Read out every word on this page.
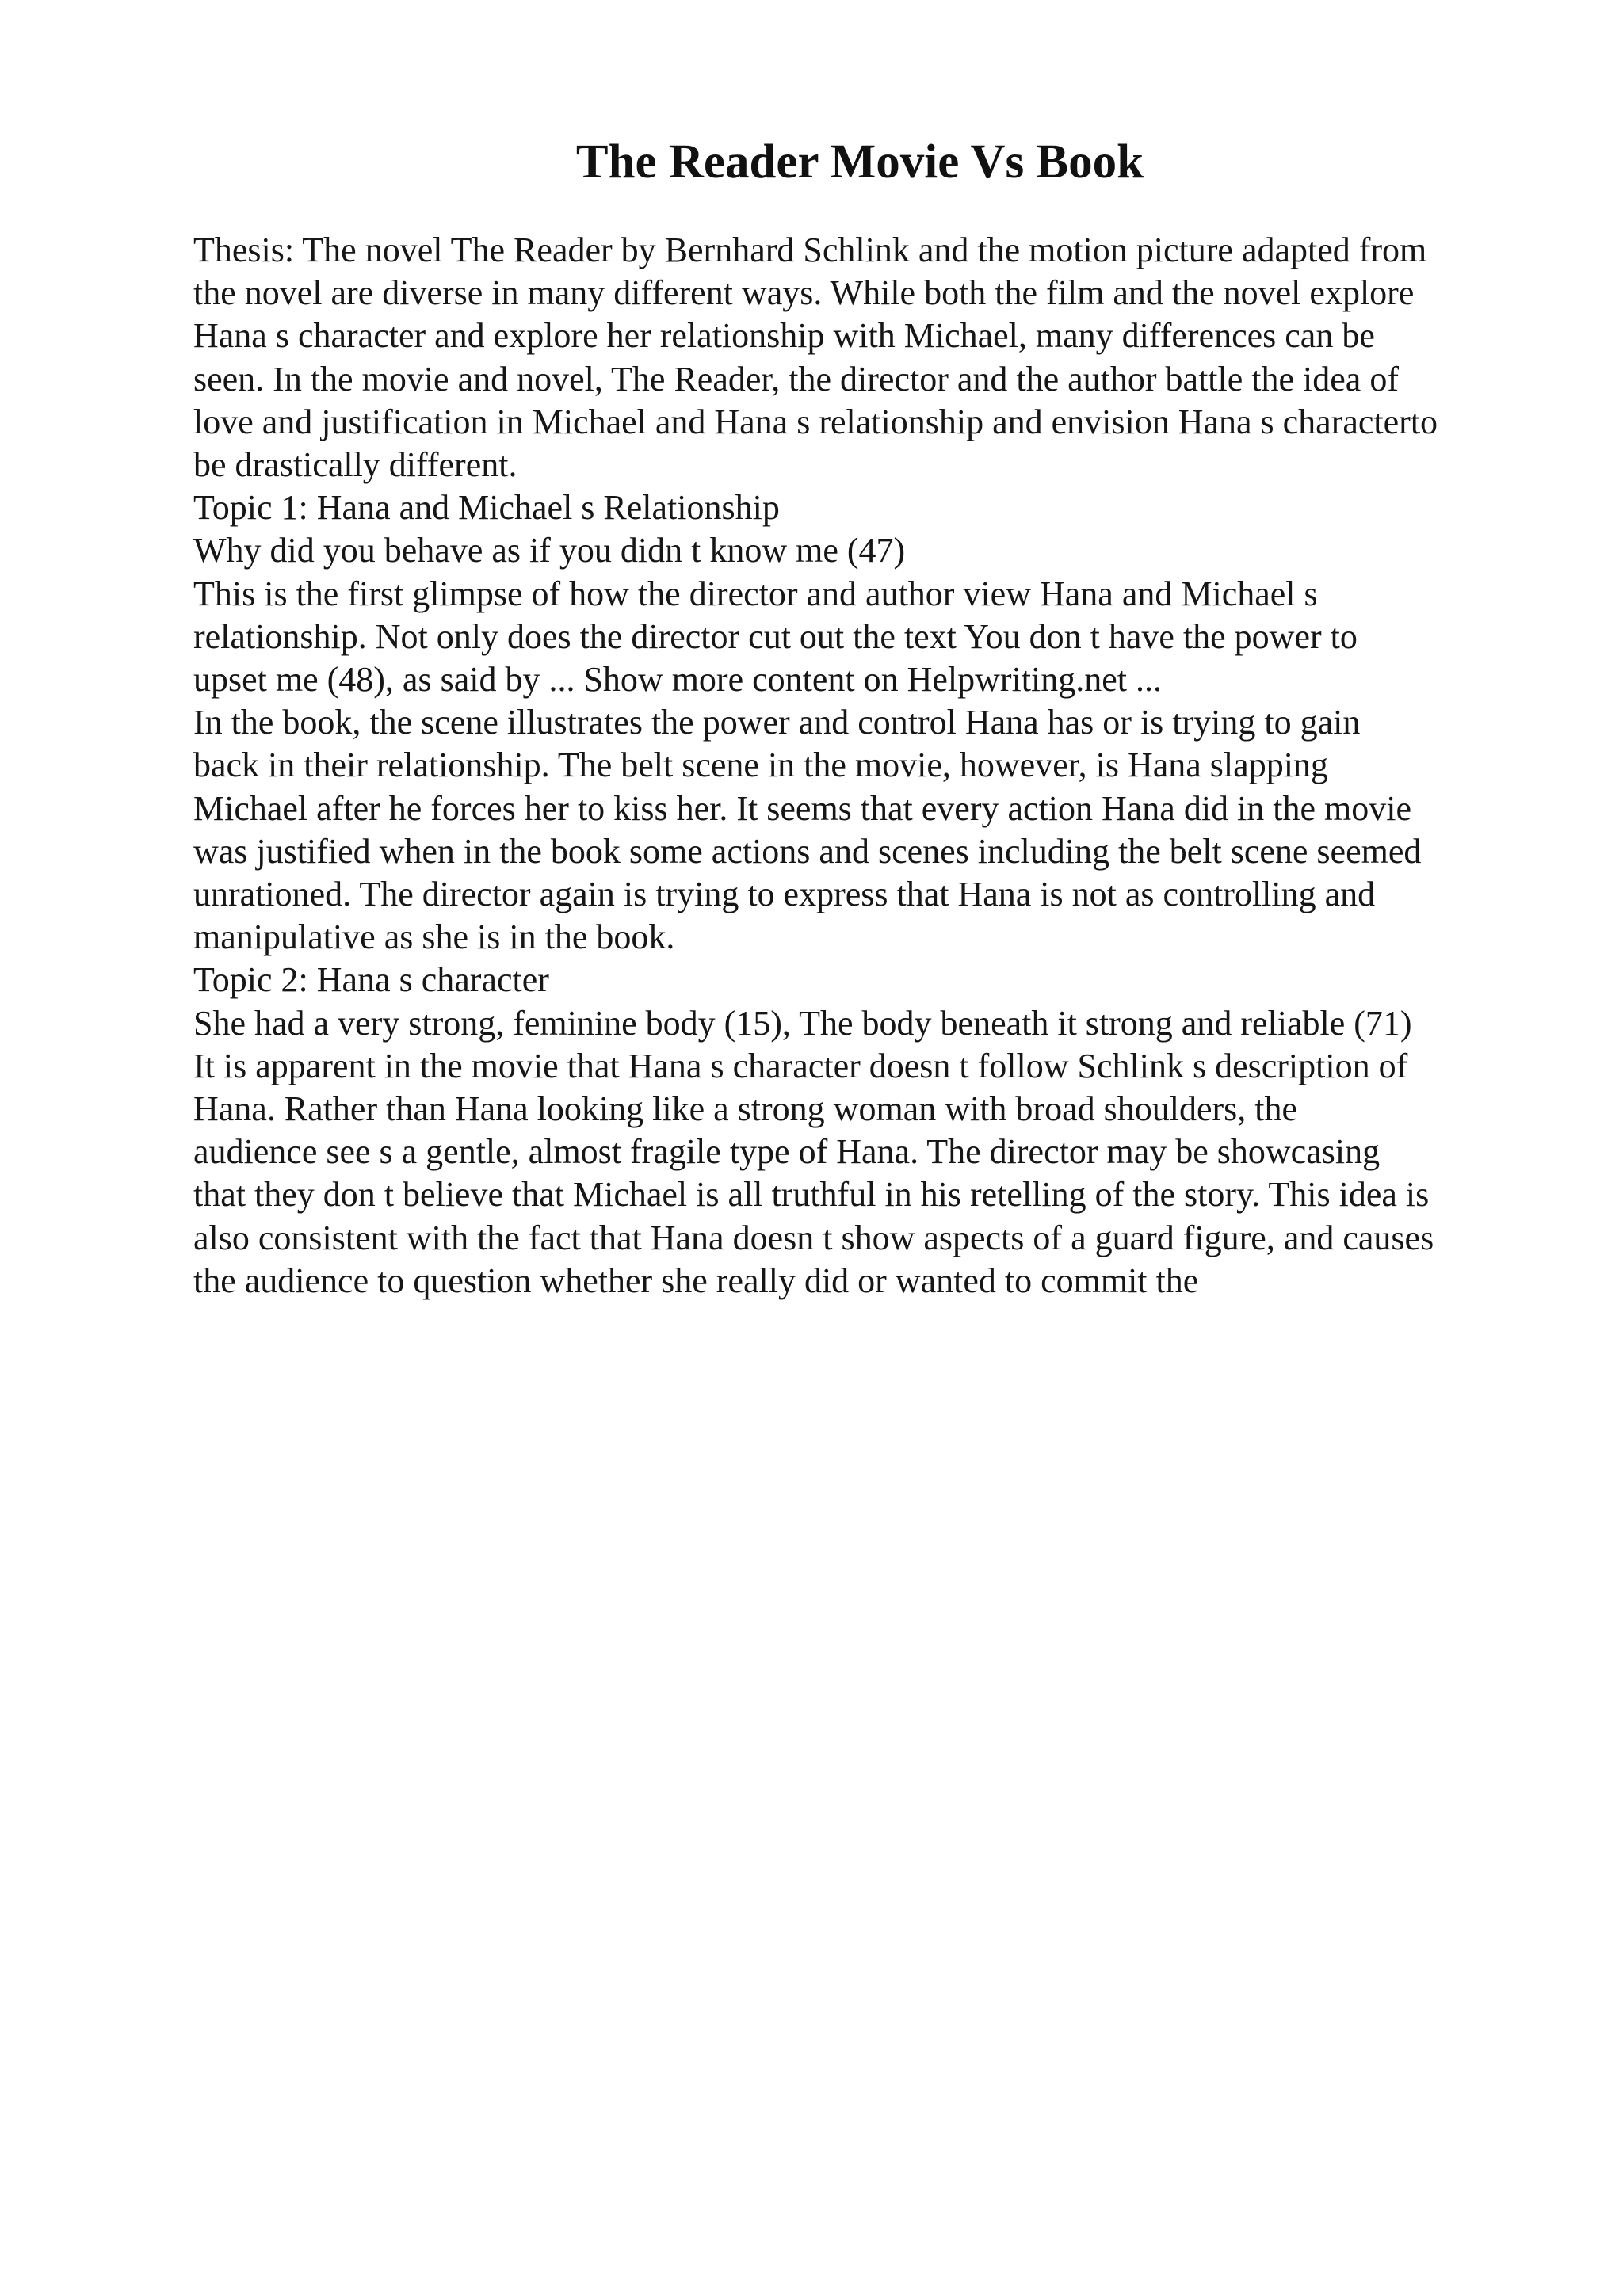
The Reader Movie Vs Book
Thesis: The novel The Reader by Bernhard Schlink and the motion picture adapted from
the novel are diverse in many different ways. While both the film and the novel explore
Hana s character and explore her relationship with Michael, many differences can be
seen. In the movie and novel, The Reader, the director and the author battle the idea of
love and justification in Michael and Hana s relationship and envision Hana s characterto
be drastically different.
Topic 1: Hana and Michael s Relationship
Why did you behave as if you didn t know me (47)
This is the first glimpse of how the director and author view Hana and Michael s
relationship. Not only does the director cut out the text You don t have the power to
upset me (48), as said by ... Show more content on Helpwriting.net ...
In the book, the scene illustrates the power and control Hana has or is trying to gain
back in their relationship. The belt scene in the movie, however, is Hana slapping
Michael after he forces her to kiss her. It seems that every action Hana did in the movie
was justified when in the book some actions and scenes including the belt scene seemed
unrationed. The director again is trying to express that Hana is not as controlling and
manipulative as she is in the book.
Topic 2: Hana s character
She had a very strong, feminine body (15), The body beneath it strong and reliable (71)
It is apparent in the movie that Hana s character doesn t follow Schlink s description of
Hana. Rather than Hana looking like a strong woman with broad shoulders, the
audience see s a gentle, almost fragile type of Hana. The director may be showcasing
that they don t believe that Michael is all truthful in his retelling of the story. This idea is
also consistent with the fact that Hana doesn t show aspects of a guard figure, and causes
the audience to question whether she really did or wanted to commit the
